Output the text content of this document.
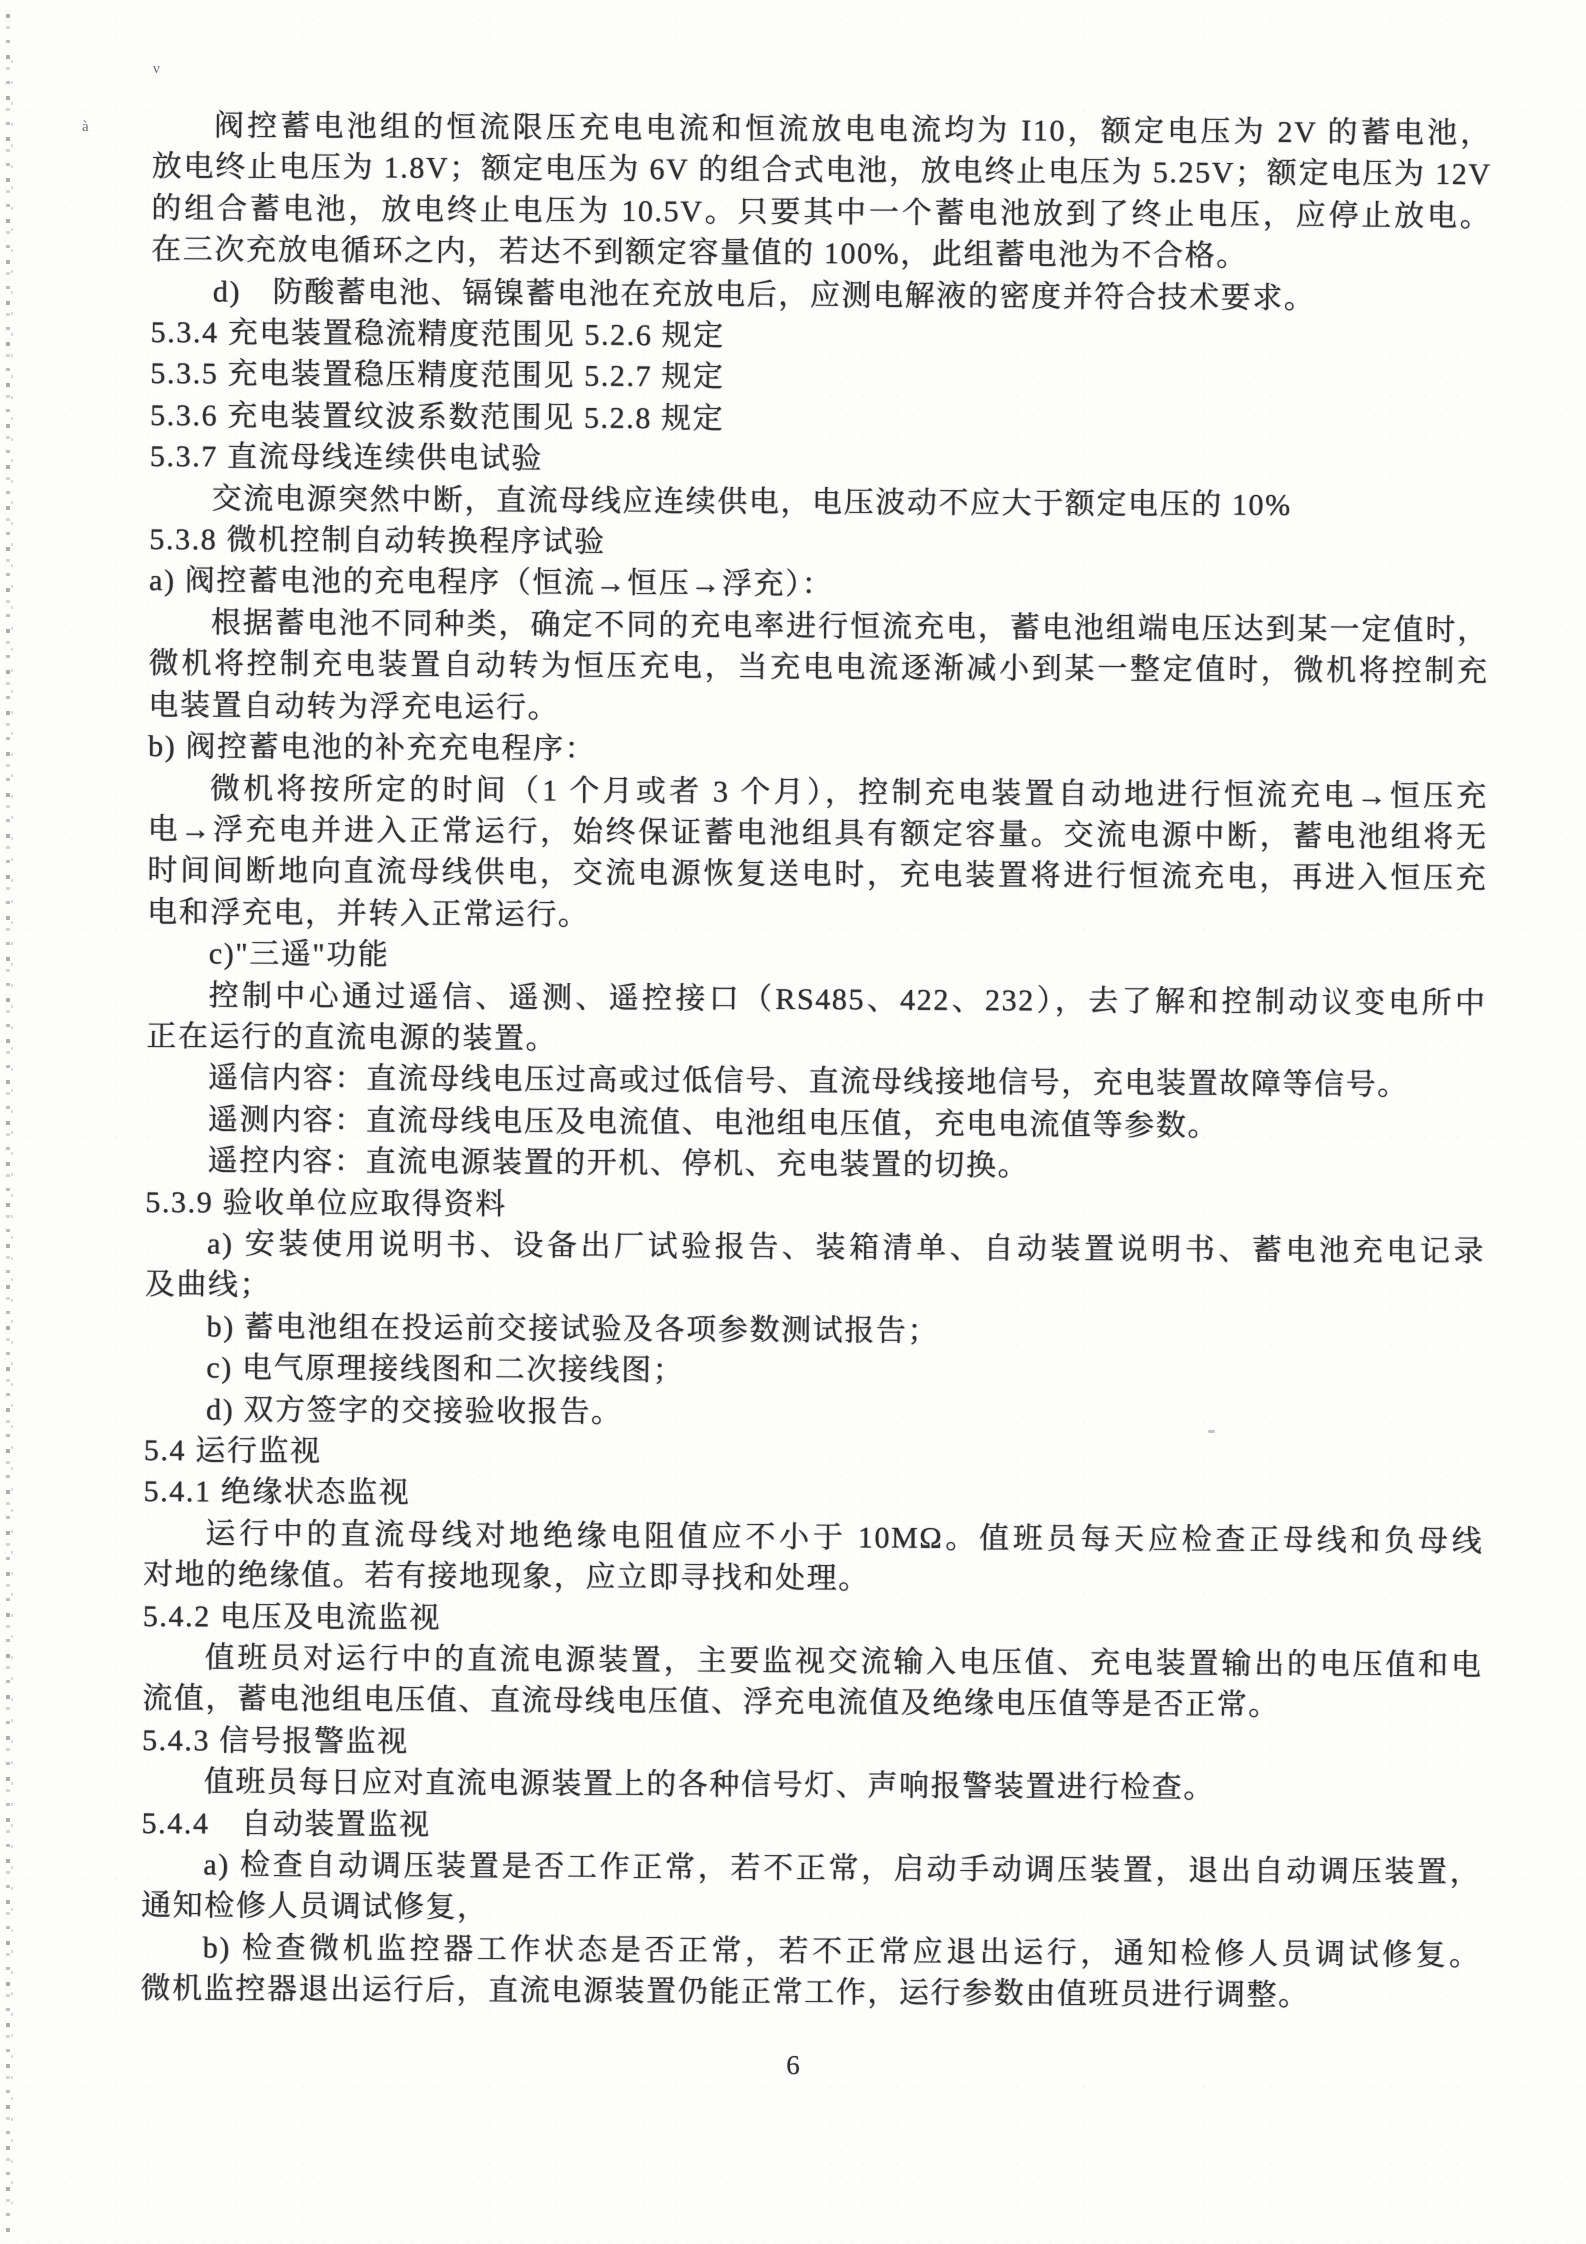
ν
à	阀控蓄电池组的恒流限压充电电流和恒流放电电流均为 I10，额定电压为 2V 的蓄电池，
放电终止电压为 1.8V；额定电压为 6V 的组合式电池，放电终止电压为 5.25V；额定电压为 12V
的组合蓄电池，放电终止电压为 10.5V。只要其中一个蓄电池放到了终止电压，应停止放电。
在三次充放电循环之内，若达不到额定容量值的 100%，此组蓄电池为不合格。
d)　防酸蓄电池、镉镍蓄电池在充放电后，应测电解液的密度并符合技术要求。
5.3.4 充电装置稳流精度范围见 5.2.6 规定
5.3.5 充电装置稳压精度范围见 5.2.7 规定
5.3.6 充电装置纹波系数范围见 5.2.8 规定
5.3.7 直流母线连续供电试验
交流电源突然中断，直流母线应连续供电，电压波动不应大于额定电压的 10%
5.3.8 微机控制自动转换程序试验
a) 阀控蓄电池的充电程序（恒流→恒压→浮充）：
根据蓄电池不同种类，确定不同的充电率进行恒流充电，蓄电池组端电压达到某一定值时，
微机将控制充电装置自动转为恒压充电，当充电电流逐渐减小到某一整定值时，微机将控制充
电装置自动转为浮充电运行。
b) 阀控蓄电池的补充充电程序：
微机将按所定的时间（1 个月或者 3 个月），控制充电装置自动地进行恒流充电→恒压充
电→浮充电并进入正常运行，始终保证蓄电池组具有额定容量。交流电源中断，蓄电池组将无
时间间断地向直流母线供电，交流电源恢复送电时，充电装置将进行恒流充电，再进入恒压充
电和浮充电，并转入正常运行。
c)"三遥"功能
控制中心通过遥信、遥测、遥控接口（RS485、422、232），去了解和控制动议变电所中
正在运行的直流电源的装置。
遥信内容：直流母线电压过高或过低信号、直流母线接地信号，充电装置故障等信号。
遥测内容：直流母线电压及电流值、电池组电压值，充电电流值等参数。
遥控内容：直流电源装置的开机、停机、充电装置的切换。
5.3.9 验收单位应取得资料
a) 安装使用说明书、设备出厂试验报告、装箱清单、自动装置说明书、蓄电池充电记录
及曲线；
b) 蓄电池组在投运前交接试验及各项参数测试报告；
c) 电气原理接线图和二次接线图；
d) 双方签字的交接验收报告。
5.4 运行监视
5.4.1 绝缘状态监视
运行中的直流母线对地绝缘电阻值应不小于 10MΩ。值班员每天应检查正母线和负母线
对地的绝缘值。若有接地现象，应立即寻找和处理。
5.4.2 电压及电流监视
值班员对运行中的直流电源装置，主要监视交流输入电压值、充电装置输出的电压值和电
流值，蓄电池组电压值、直流母线电压值、浮充电流值及绝缘电压值等是否正常。
5.4.3 信号报警监视
值班员每日应对直流电源装置上的各种信号灯、声响报警装置进行检查。
5.4.4　自动装置监视
a) 检查自动调压装置是否工作正常，若不正常，启动手动调压装置，退出自动调压装置，
通知检修人员调试修复，
b) 检查微机监控器工作状态是否正常，若不正常应退出运行，通知检修人员调试修复。
微机监控器退出运行后，直流电源装置仍能正常工作，运行参数由值班员进行调整。
6
